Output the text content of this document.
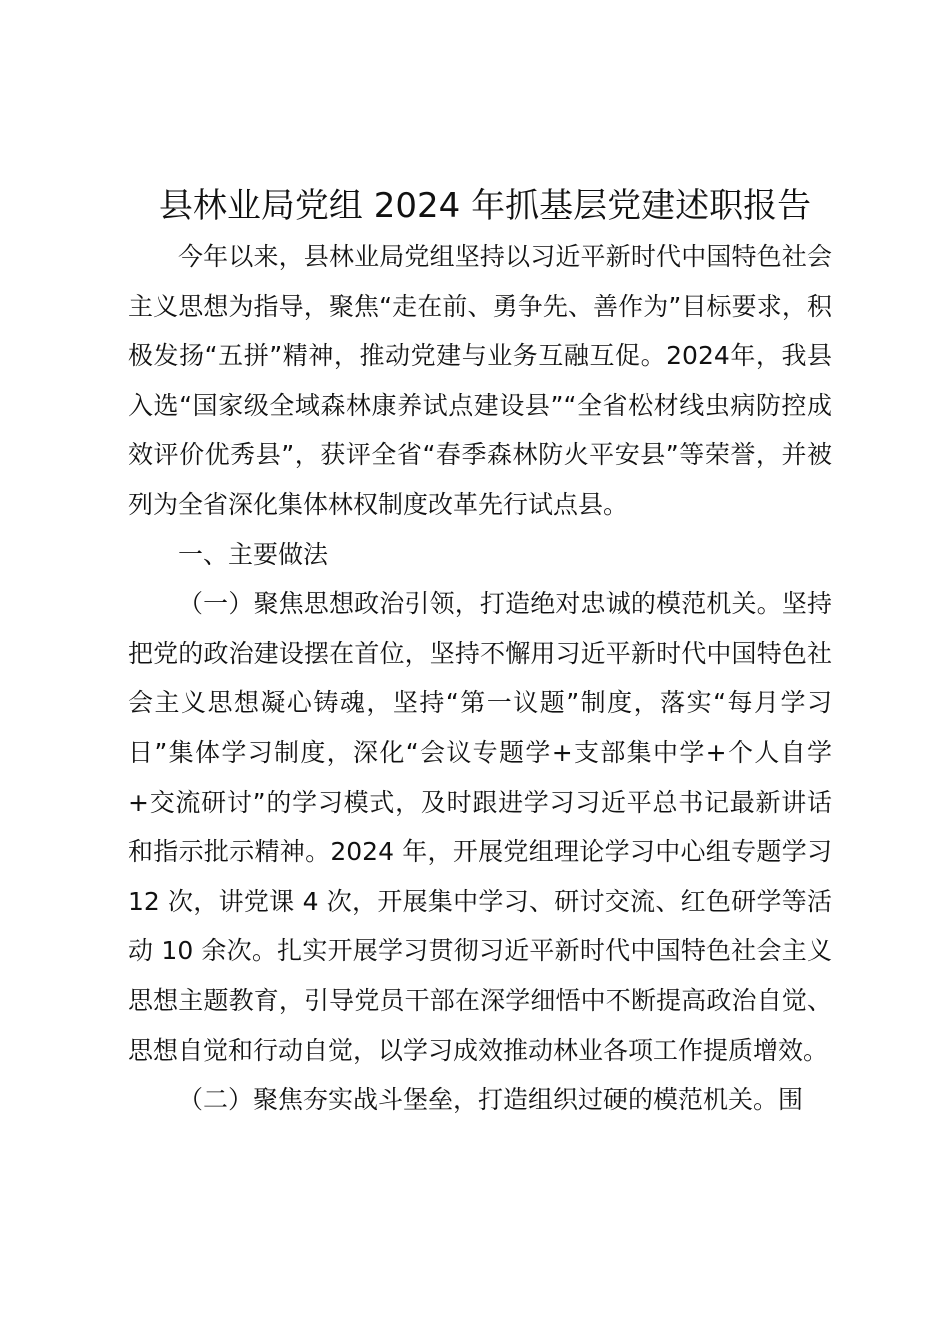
县林业局党组 2024 年抓基层党建述职报告

今年以来，县林业局党组坚持以习近平新时代中国特色社会主义思想为指导，聚焦“走在前、勇争先、善作为”目标要求，积极发扬“五拼”精神，推动党建与业务互融互促。2024年，我县入选“国家级全域森林康养试点建设县”“全省松材线虫病防控成效评价优秀县”，获评全省“春季森林防火平安县”等荣誉，并被列为全省深化集体林权制度改革先行试点县。

一、主要做法

（一）聚焦思想政治引领，打造绝对忠诚的模范机关。坚持把党的政治建设摆在首位，坚持不懈用习近平新时代中国特色社会主义思想凝心铸魂，坚持“第一议题”制度，落实“每月学习日”集体学习制度，深化“会议专题学+支部集中学+个人自学+交流研讨”的学习模式，及时跟进学习习近平总书记最新讲话和指示批示精神。2024 年，开展党组理论学习中心组专题学习 12 次，讲党课 4 次，开展集中学习、研讨交流、红色研学等活动 10 余次。扎实开展学习贯彻习近平新时代中国特色社会主义思想主题教育，引导党员干部在深学细悟中不断提高政治自觉、思想自觉和行动自觉，以学习成效推动林业各项工作提质增效。

（二）聚焦夯实战斗堡垒，打造组织过硬的模范机关。围
